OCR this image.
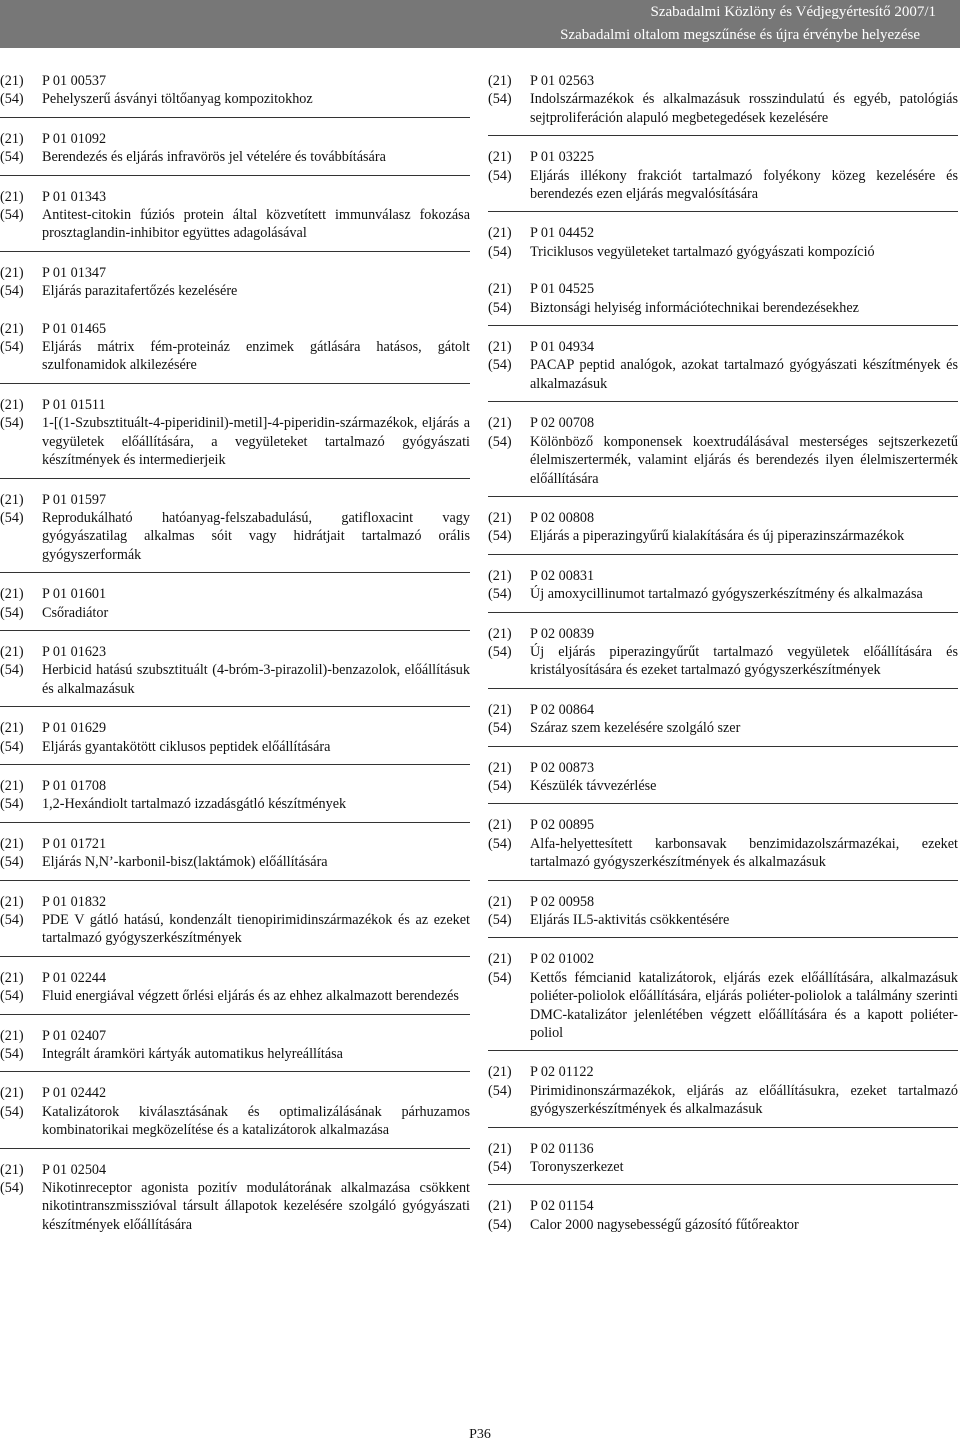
Szabadalmi Közlöny és Védjegyértesítő 2007/1
Szabadalmi oltalom megszűnése és újra érvénybe helyezése
(21)	P 01 00537
(54)	Pehelyszerű ásványi töltőanyag kompozitokhoz
(21)	P 01 01092
(54)	Berendezés és eljárás infravörös jel vételére és továbbítására
(21)	P 01 01343
(54)	Antitest-citokin fúziós protein által közvetített immunválasz fokozása prosztaglandin-inhibitor együttes adagolásával
(21)	P 01 01347
(54)	Eljárás parazitafertőzés kezelésére
(21)	P 01 01465
(54)	Eljárás mátrix fém-proteináz enzimek gátlására hatásos, gátolt szulfonamidok alkilezésére
(21)	P 01 01511
(54)	1-[(1-Szubsztituált-4-piperidinil)-metil]-4-piperidin-származékok, eljárás a vegyületek előállítására, a vegyületeket tartalmazó gyógyászati készítmények és intermedierjeik
(21)	P 01 01597
(54)	Reprodukálható hatóanyag-felszabadulású, gatifloxacint vagy gyógyászatilag alkalmas sóit vagy hidrátjait tartalmazó orális gyógyszerformák
(21)	P 01 01601
(54)	Csőradiátor
(21)	P 01 01623
(54)	Herbicid hatású szubsztituált (4-bróm-3-pirazolil)-benzazolok, előállításuk és alkalmazásuk
(21)	P 01 01629
(54)	Eljárás gyantakötött ciklusos peptidek előállítására
(21)	P 01 01708
(54)	1,2-Hexándiolt tartalmazó izzadásgátló készítmények
(21)	P 01 01721
(54)	Eljárás N,N’-karbonil-bisz(laktámok) előállítására
(21)	P 01 01832
(54)	PDE V gátló hatású, kondenzált tienopirimidinszármazékok és az ezeket tartalmazó gyógyszerkészítmények
(21)	P 01 02244
(54)	Fluid energiával végzett őrlési eljárás és az ehhez alkalmazott berendezés
(21)	P 01 02407
(54)	Integrált áramköri kártyák automatikus helyreállítása
(21)	P 01 02442
(54)	Katalizátorok kiválasztásának és optimalizálásának párhuzamos kombinatorikai megközelítése és a katalizátorok alkalmazása
(21)	P 01 02504
(54)	Nikotinreceptor agonista pozitív modulátorának alkalmazása csökkent nikotintranszmisszióval társult állapotok kezelésére szolgáló gyógyászati készítmények előállítására
(21)	P 01 02563
(54)	Indolszármazékok és alkalmazásuk rosszindulatú és egyéb, patológiás sejtproliferáción alapuló megbetegedések kezelésére
(21)	P 01 03225
(54)	Eljárás illékony frakciót tartalmazó folyékony közeg kezelésére és berendezés ezen eljárás megvalósítására
(21)	P 01 04452
(54)	Triciklusos vegyületeket tartalmazó gyógyászati kompozíció
(21)	P 01 04525
(54)	Biztonsági helyiség információtechnikai berendezésekhez
(21)	P 01 04934
(54)	PACAP peptid analógok, azokat tartalmazó gyógyászati készítmények és alkalmazásuk
(21)	P 02 00708
(54)	Kölönböző komponensek koextrudálásával mesterséges sejtszerkezetű élelmiszertermék, valamint eljárás és berendezés ilyen élelmiszertermék előállítására
(21)	P 02 00808
(54)	Eljárás a piperazingyűrű kialakítására és új piperazinszármazékok
(21)	P 02 00831
(54)	Új amoxycillinumot tartalmazó gyógyszerkészítmény és alkalmazása
(21)	P 02 00839
(54)	Új eljárás piperazingyűrűt tartalmazó vegyületek előállítására és kristályosítására és ezeket tartalmazó gyógyszerkészítmények
(21)	P 02 00864
(54)	Száraz szem kezelésére szolgáló szer
(21)	P 02 00873
(54)	Készülék távvezérlése
(21)	P 02 00895
(54)	Alfa-helyettesített karbonsavak benzimidazolszármazékai, ezeket tartalmazó gyógyszerkészítmények és alkalmazásuk
(21)	P 02 00958
(54)	Eljárás IL5-aktivitás csökkentésére
(21)	P 02 01002
(54)	Kettős fémcianid katalizátorok, eljárás ezek előállítására, alkalmazásuk poliéter-poliolok előállítására, eljárás poliéter-poliolok a találmány szerinti DMC-katalizátor jelenlétében végzett előállítására és a kapott poliéter-poliol
(21)	P 02 01122
(54)	Pirimidinonszármazékok, eljárás az előállításukra, ezeket tartalmazó gyógyszerkészítmények és alkalmazásuk
(21)	P 02 01136
(54)	Toronyszerkezet
(21)	P 02 01154
(54)	Calor 2000 nagysebességű gázosító fűtőreaktor
P36
